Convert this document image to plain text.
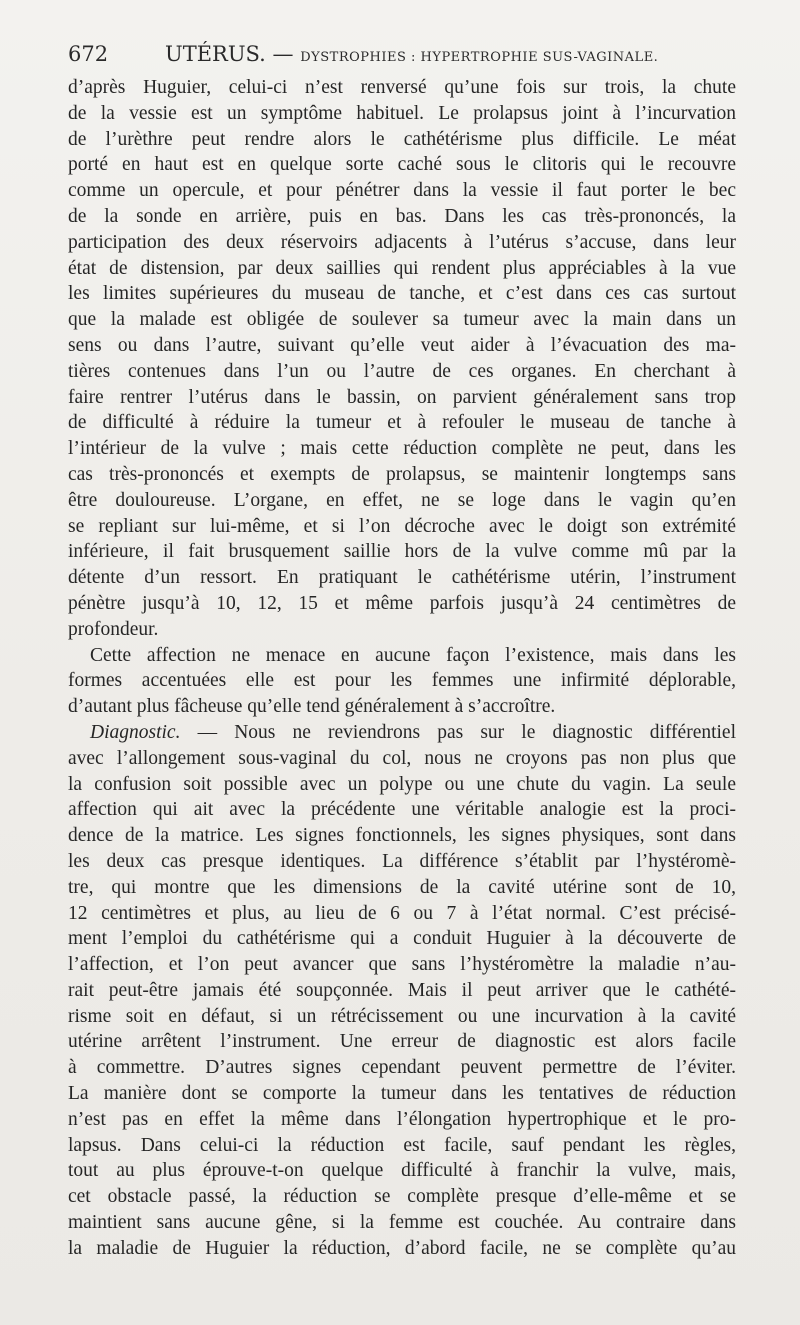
672	UTÉRUS. — DYSTROPHIES : HYPERTROPHIE SUS-VAGINALE.
d’après Huguier, celui-ci n’est renversé qu’une fois sur trois, la chute
de la vessie est un symptôme habituel. Le prolapsus joint à l’incurvation
de l’urèthre peut rendre alors le cathétérisme plus difficile. Le méat
porté en haut est en quelque sorte caché sous le clitoris qui le recouvre
comme un opercule, et pour pénétrer dans la vessie il faut porter le bec
de la sonde en arrière, puis en bas. Dans les cas très-prononcés, la
participation des deux réservoirs adjacents à l’utérus s’accuse, dans leur
état de distension, par deux saillies qui rendent plus appréciables à la vue
les limites supérieures du museau de tanche, et c’est dans ces cas surtout
que la malade est obligée de soulever sa tumeur avec la main dans un
sens ou dans l’autre, suivant qu’elle veut aider à l’évacuation des ma-
tières contenues dans l’un ou l’autre de ces organes. En cherchant à
faire rentrer l’utérus dans le bassin, on parvient généralement sans trop
de difficulté à réduire la tumeur et à refouler le museau de tanche à
l’intérieur de la vulve ; mais cette réduction complète ne peut, dans les
cas très-prononcés et exempts de prolapsus, se maintenir longtemps sans
être douloureuse. L’organe, en effet, ne se loge dans le vagin qu’en
se repliant sur lui-même, et si l’on décroche avec le doigt son extrémité
inférieure, il fait brusquement saillie hors de la vulve comme mû par la
détente d’un ressort. En pratiquant le cathétérisme utérin, l’instrument
pénètre jusqu’à 10, 12, 15 et même parfois jusqu’à 24 centimètres de
profondeur.
Cette affection ne menace en aucune façon l’existence, mais dans les
formes accentuées elle est pour les femmes une infirmité déplorable,
d’autant plus fâcheuse qu’elle tend généralement à s’accroître.
Diagnostic. — Nous ne reviendrons pas sur le diagnostic différentiel
avec l’allongement sous-vaginal du col, nous ne croyons pas non plus que
la confusion soit possible avec un polype ou une chute du vagin. La seule
affection qui ait avec la précédente une véritable analogie est la proci-
dence de la matrice. Les signes fonctionnels, les signes physiques, sont dans
les deux cas presque identiques. La différence s’établit par l’hystéromè-
tre, qui montre que les dimensions de la cavité utérine sont de 10,
12 centimètres et plus, au lieu de 6 ou 7 à l’état normal. C’est précisé-
ment l’emploi du cathétérisme qui a conduit Huguier à la découverte de
l’affection, et l’on peut avancer que sans l’hystéromètre la maladie n’au-
rait peut-être jamais été soupçonnée. Mais il peut arriver que le cathété-
risme soit en défaut, si un rétrécissement ou une incurvation à la cavité
utérine arrêtent l’instrument. Une erreur de diagnostic est alors facile
à commettre. D’autres signes cependant peuvent permettre de l’éviter.
La manière dont se comporte la tumeur dans les tentatives de réduction
n’est pas en effet la même dans l’élongation hypertrophique et le pro-
lapsus. Dans celui-ci la réduction est facile, sauf pendant les règles,
tout au plus éprouve-t-on quelque difficulté à franchir la vulve, mais,
cet obstacle passé, la réduction se complète presque d’elle-même et se
maintient sans aucune gêne, si la femme est couchée. Au contraire dans
la maladie de Huguier la réduction, d’abord facile, ne se complète qu’au
